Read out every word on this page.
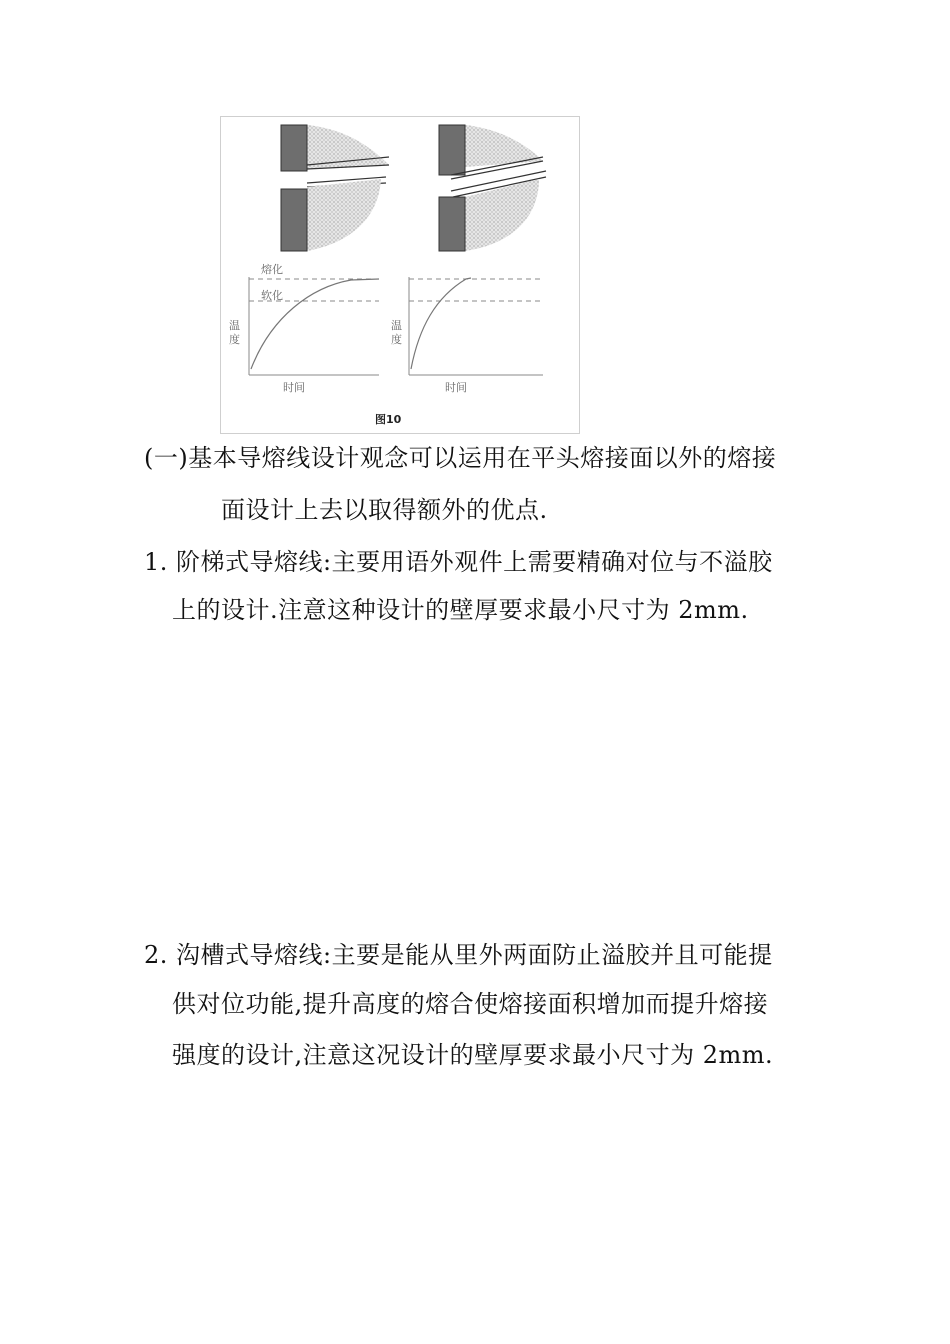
熔化
软化
温度
时间
温度
时间
图10
(一)基本导熔线设计观念可以运用在平头熔接面以外的熔接
面设计上去以取得额外的优点.
1. 阶梯式导熔线:主要用语外观件上需要精确对位与不溢胶
上的设计.注意这种设计的壁厚要求最小尺寸为 2mm.
2. 沟槽式导熔线:主要是能从里外两面防止溢胶并且可能提
供对位功能,提升高度的熔合使熔接面积增加而提升熔接
强度的设计,注意这况设计的壁厚要求最小尺寸为 2mm.
